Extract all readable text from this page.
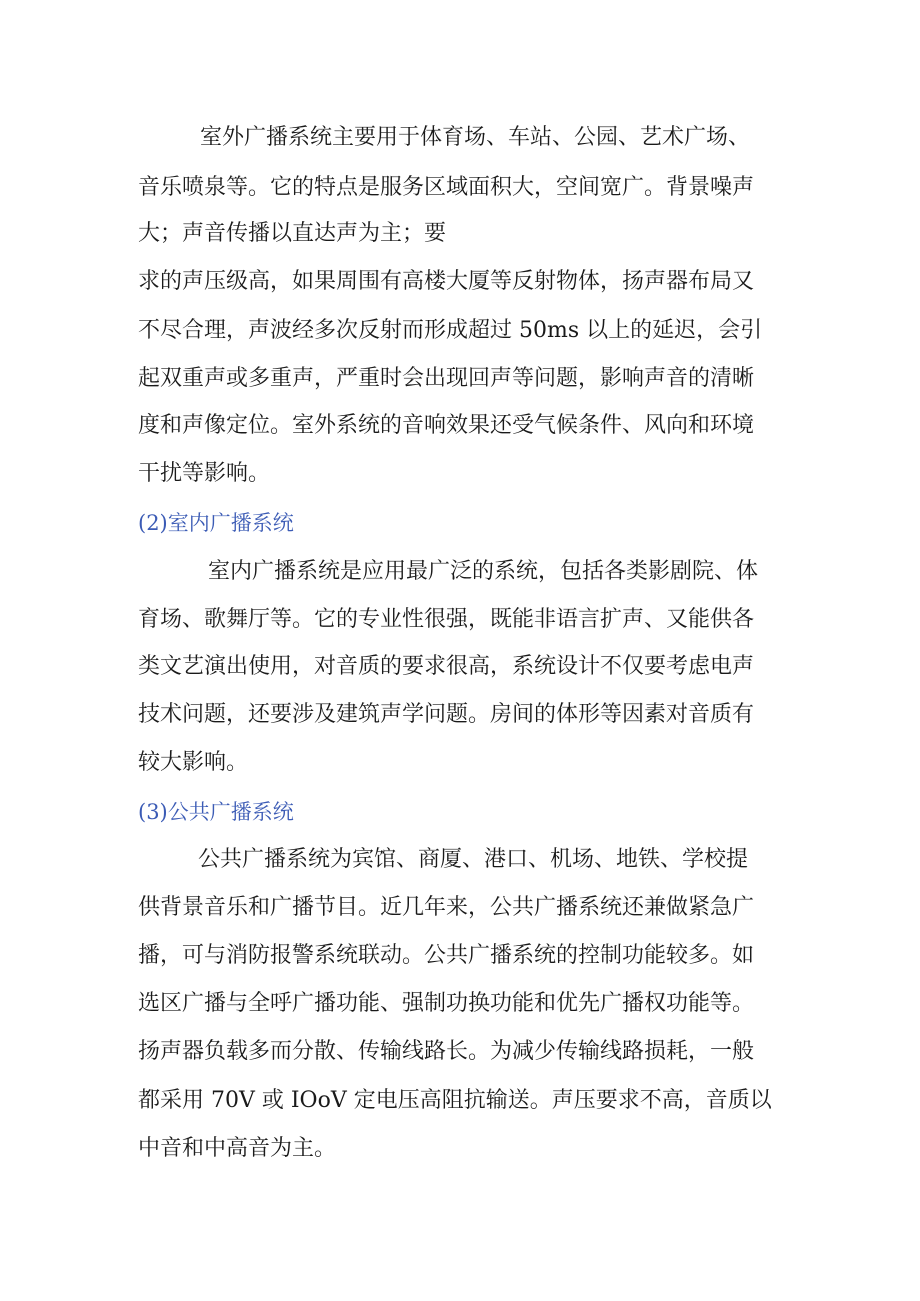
室外广播系统主要用于体育场、车站、公园、艺术广场、
音乐喷泉等。它的特点是服务区域面积大，空间宽广。背景噪声
大；声音传播以直达声为主；要
求的声压级高，如果周围有高楼大厦等反射物体，扬声器布局又
不尽合理，声波经多次反射而形成超过 50ms 以上的延迟，会引
起双重声或多重声，严重时会出现回声等问题，影响声音的清晰
度和声像定位。室外系统的音响效果还受气候条件、风向和环境
干扰等影响。
(2)室内广播系统
室内广播系统是应用最广泛的系统，包括各类影剧院、体
育场、歌舞厅等。它的专业性很强，既能非语言扩声、又能供各
类文艺演出使用，对音质的要求很高，系统设计不仅要考虑电声
技术问题，还要涉及建筑声学问题。房间的体形等因素对音质有
较大影响。
(3)公共广播系统
公共广播系统为宾馆、商厦、港口、机场、地铁、学校提
供背景音乐和广播节目。近几年来，公共广播系统还兼做紧急广
播，可与消防报警系统联动。公共广播系统的控制功能较多。如
选区广播与全呼广播功能、强制功换功能和优先广播权功能等。
扬声器负载多而分散、传输线路长。为减少传输线路损耗，一般
都采用 70V 或 IOoV 定电压高阻抗输送。声压要求不高，音质以
中音和中高音为主。
